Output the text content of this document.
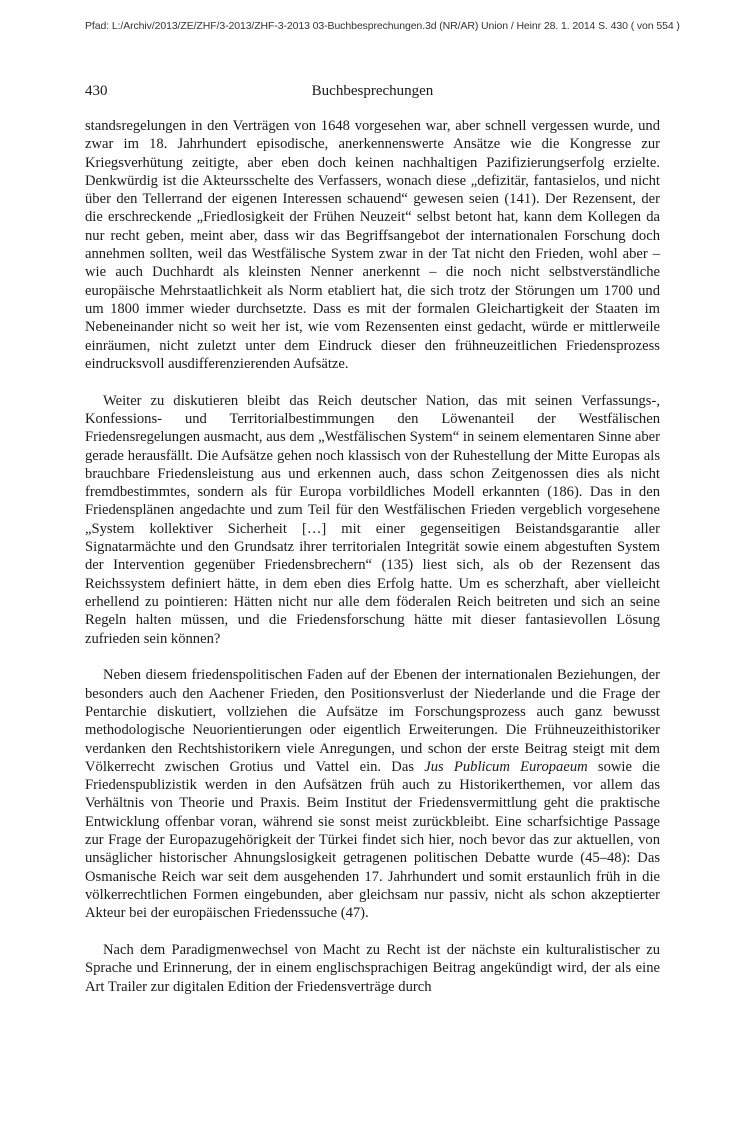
Pfad: L:/Archiv/2013/ZE/ZHF/3-2013/ZHF-3-2013 03-Buchbesprechungen.3d (NR/AR) Union / Heinr 28. 1. 2014 S. 430 ( von 554 )
430	Buchbesprechungen

standsregelungen in den Verträgen von 1648 vorgesehen war, aber schnell vergessen wurde, und zwar im 18. Jahrhundert episodische, anerkennenswerte Ansätze wie die Kongresse zur Kriegsverhütung zeitigte, aber eben doch keinen nachhaltigen Pazifizierungserfolg erzielte. Denkwürdig ist die Akteursschelte des Verfassers, wonach diese „defizitär, fantasielos, und nicht über den Tellerrand der eigenen Interessen schauend“ gewesen seien (141). Der Rezensent, der die erschreckende „Friedlosigkeit der Frühen Neuzeit“ selbst betont hat, kann dem Kollegen da nur recht geben, meint aber, dass wir das Begriffsangebot der internationalen Forschung doch annehmen sollten, weil das Westfälische System zwar in der Tat nicht den Frieden, wohl aber – wie auch Duchhardt als kleinsten Nenner anerkennt – die noch nicht selbstverständliche europäische Mehrstaatlichkeit als Norm etabliert hat, die sich trotz der Störungen um 1700 und um 1800 immer wieder durchsetzte. Dass es mit der formalen Gleichartigkeit der Staaten im Nebeneinander nicht so weit her ist, wie vom Rezensenten einst gedacht, würde er mittlerweile einräumen, nicht zuletzt unter dem Eindruck dieser den frühneuzeitlichen Friedensprozess eindrucksvoll ausdifferenzierenden Aufsätze.

Weiter zu diskutieren bleibt das Reich deutscher Nation, das mit seinen Verfassungs-, Konfessions- und Territorialbestimmungen den Löwenanteil der Westfälischen Friedensregelungen ausmacht, aus dem „Westfälischen System“ in seinem elementaren Sinne aber gerade herausfällt. Die Aufsätze gehen noch klassisch von der Ruhestellung der Mitte Europas als brauchbare Friedensleistung aus und erkennen auch, dass schon Zeitgenossen dies als nicht fremdbestimmtes, sondern als für Europa vorbildliches Modell erkannten (186). Das in den Friedensplänen angedachte und zum Teil für den Westfälischen Frieden vergeblich vorgesehene „System kollektiver Sicherheit […] mit einer gegenseitigen Beistandsgarantie aller Signatarmächte und den Grundsatz ihrer territorialen Integrität sowie einem abgestuften System der Intervention gegenüber Friedensbrechern“ (135) liest sich, als ob der Rezensent das Reichssystem definiert hätte, in dem eben dies Erfolg hatte. Um es scherzhaft, aber vielleicht erhellend zu pointieren: Hätten nicht nur alle dem föderalen Reich beitreten und sich an seine Regeln halten müssen, und die Friedensforschung hätte mit dieser fantasievollen Lösung zufrieden sein können?

Neben diesem friedenspolitischen Faden auf der Ebenen der internationalen Beziehungen, der besonders auch den Aachener Frieden, den Positionsverlust der Niederlande und die Frage der Pentarchie diskutiert, vollziehen die Aufsätze im Forschungsprozess auch ganz bewusst methodologische Neuorientierungen oder eigentlich Erweiterungen. Die Frühneuzeithistoriker verdanken den Rechtshistorikern viele Anregungen, und schon der erste Beitrag steigt mit dem Völkerrecht zwischen Grotius und Vattel ein. Das Jus Publicum Europaeum sowie die Friedenspublizistik werden in den Aufsätzen früh auch zu Historikerthemen, vor allem das Verhältnis von Theorie und Praxis. Beim Institut der Friedensvermittlung geht die praktische Entwicklung offenbar voran, während sie sonst meist zurückbleibt. Eine scharfsichtige Passage zur Frage der Europazugehörigkeit der Türkei findet sich hier, noch bevor das zur aktuellen, von unsäglicher historischer Ahnungslosigkeit getragenen politischen Debatte wurde (45–48): Das Osmanische Reich war seit dem ausgehenden 17. Jahrhundert und somit erstaunlich früh in die völkerrechtlichen Formen eingebunden, aber gleichsam nur passiv, nicht als schon akzeptierter Akteur bei der europäischen Friedenssuche (47).

Nach dem Paradigmenwechsel von Macht zu Recht ist der nächste ein kulturalistischer zu Sprache und Erinnerung, der in einem englischsprachigen Beitrag angekündigt wird, der als eine Art Trailer zur digitalen Edition der Friedensverträge durch
